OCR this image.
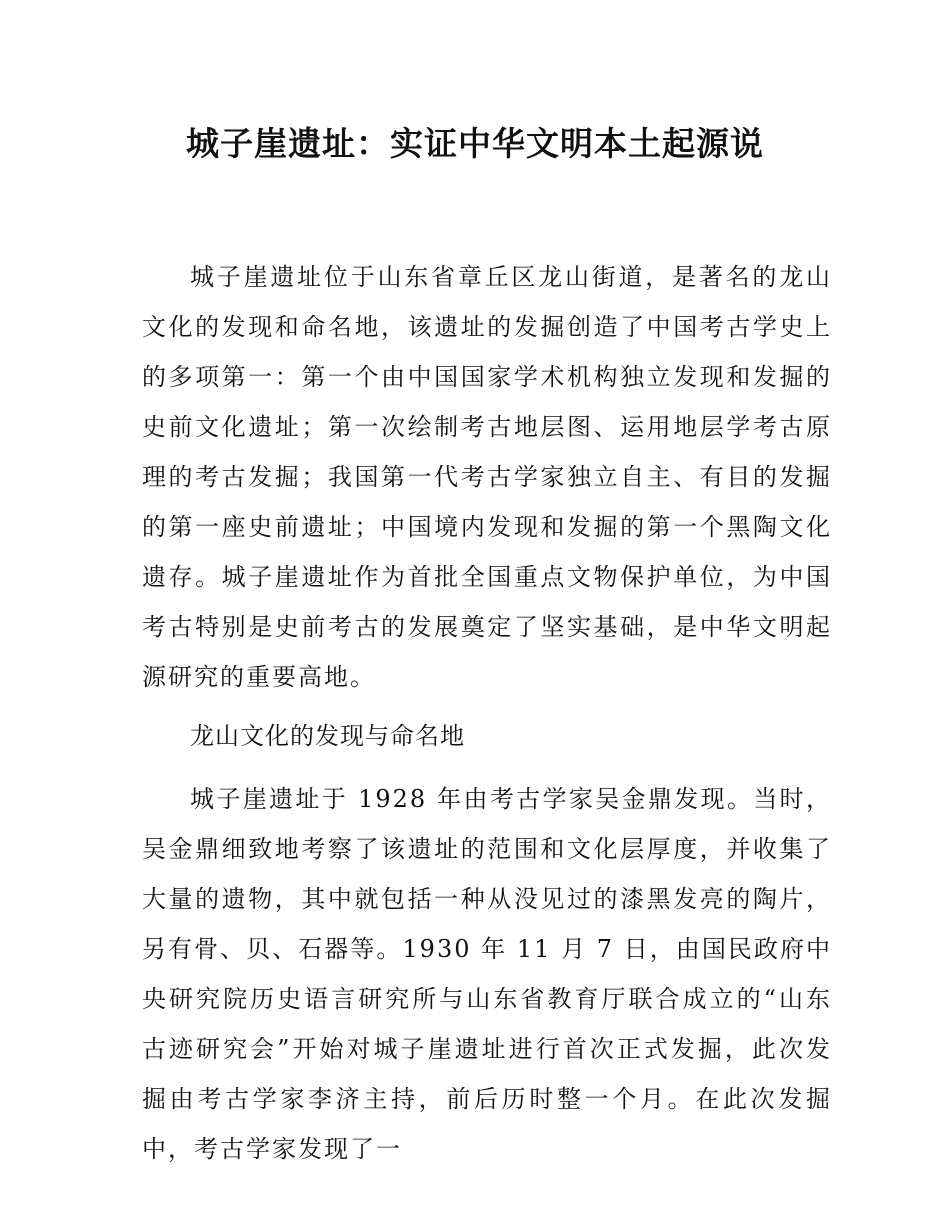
城子崖遗址：实证中华文明本土起源说

城子崖遗址位于山东省章丘区龙山街道，是著名的龙山文化的发现和命名地，该遗址的发掘创造了中国考古学史上的多项第一：第一个由中国国家学术机构独立发现和发掘的史前文化遗址；第一次绘制考古地层图、运用地层学考古原理的考古发掘；我国第一代考古学家独立自主、有目的发掘的第一座史前遗址；中国境内发现和发掘的第一个黑陶文化遗存。城子崖遗址作为首批全国重点文物保护单位，为中国考古特别是史前考古的发展奠定了坚实基础，是中华文明起源研究的重要高地。

龙山文化的发现与命名地

城子崖遗址于 1928 年由考古学家吴金鼎发现。当时，吴金鼎细致地考察了该遗址的范围和文化层厚度，并收集了大量的遗物，其中就包括一种从没见过的漆黑发亮的陶片，另有骨、贝、石器等。1930 年 11 月 7 日，由国民政府中央研究院历史语言研究所与山东省教育厅联合成立的“山东古迹研究会”开始对城子崖遗址进行首次正式发掘，此次发掘由考古学家李济主持，前后历时整一个月。在此次发掘中，考古学家发现了一
